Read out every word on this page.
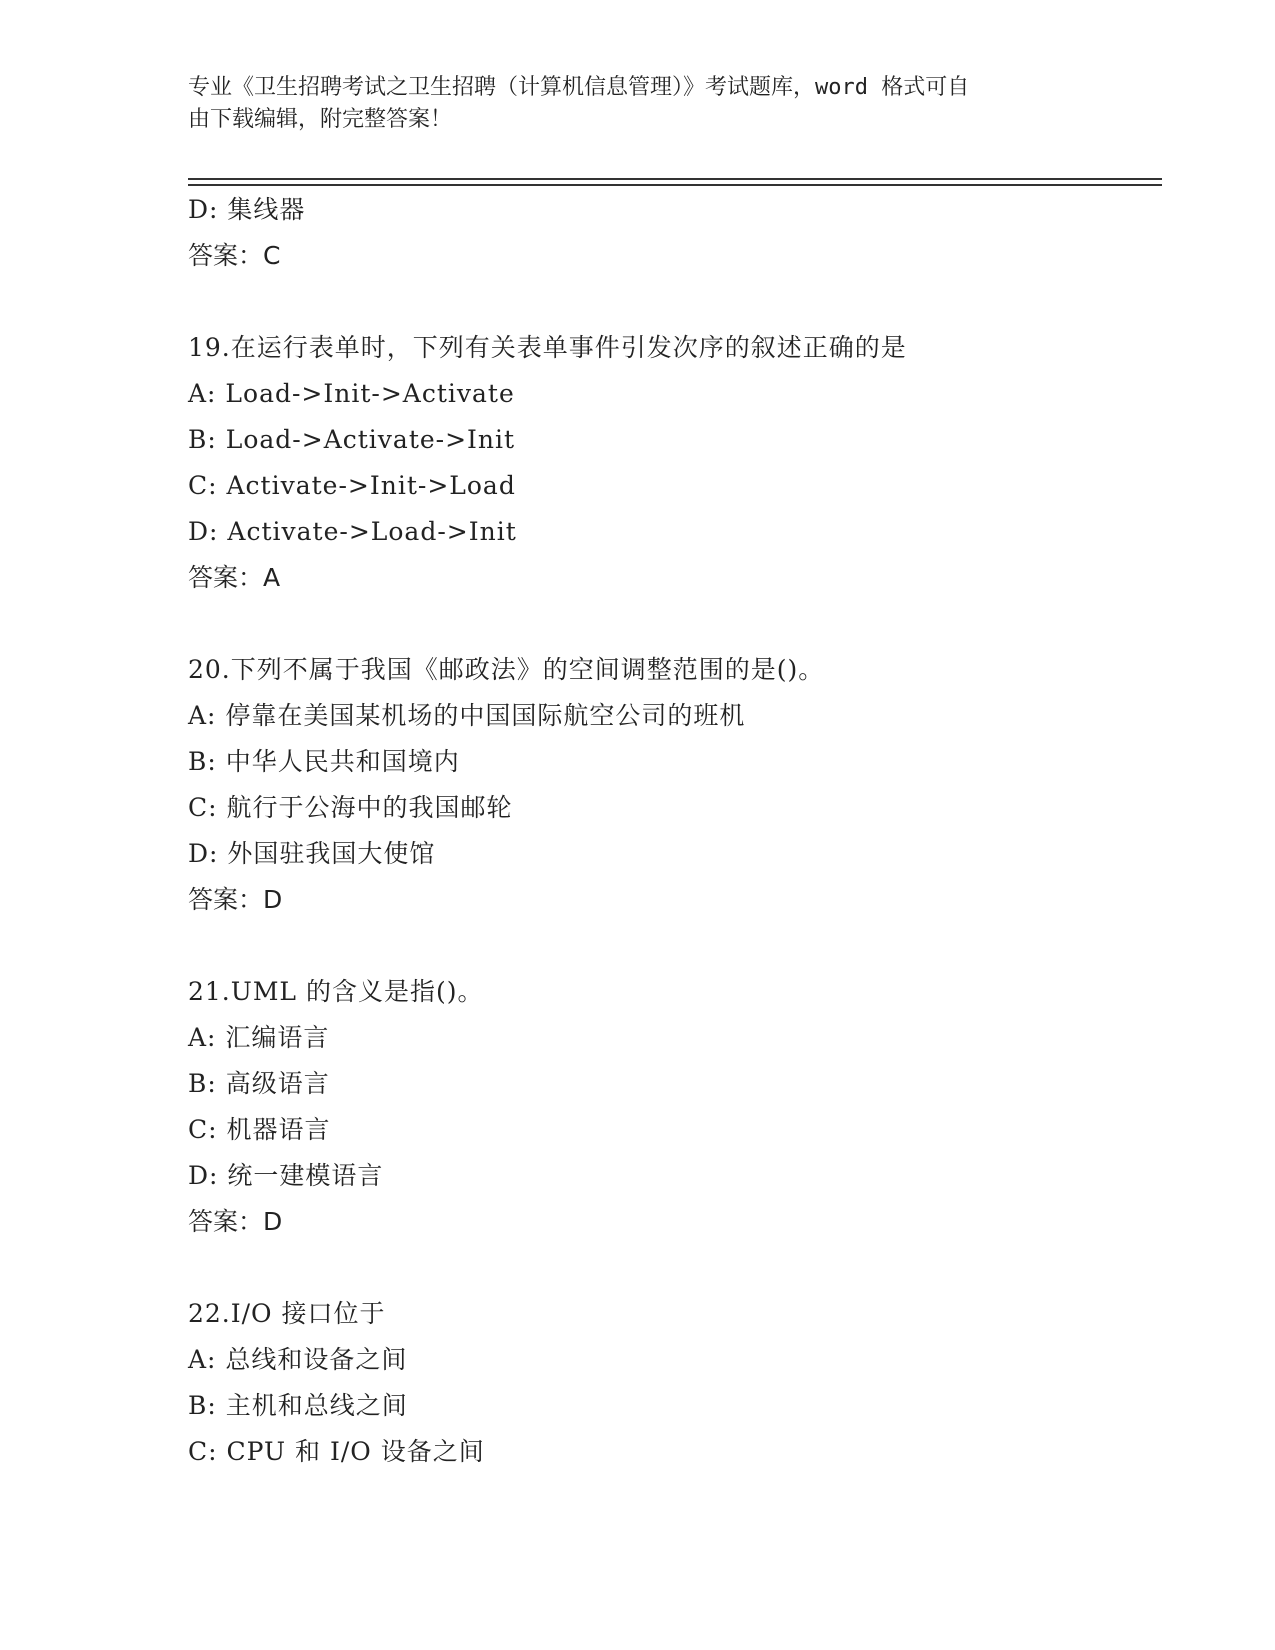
专业《卫生招聘考试之卫生招聘（计算机信息管理）》考试题库，word 格式可自
由下载编辑，附完整答案！
D: 集线器
答案：C
19.在运行表单时，下列有关表单事件引发次序的叙述正确的是
A: Load->Init->Activate
B: Load->Activate->Init
C: Activate->Init->Load
D: Activate->Load->Init
答案：A
20.下列不属于我国《邮政法》的空间调整范围的是()。
A: 停靠在美国某机场的中国国际航空公司的班机
B: 中华人民共和国境内
C: 航行于公海中的我国邮轮
D: 外国驻我国大使馆
答案：D
21.UML 的含义是指()。
A: 汇编语言
B: 高级语言
C: 机器语言
D: 统一建模语言
答案：D
22.I/O 接口位于
A: 总线和设备之间
B: 主机和总线之间
C: CPU 和 I/O 设备之间
